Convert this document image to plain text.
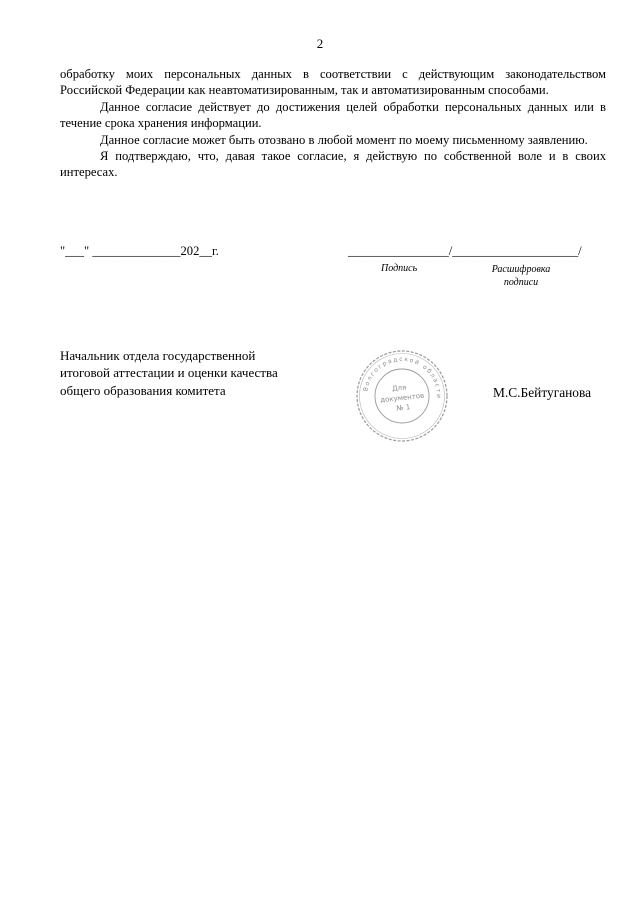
2

обработку моих персональных данных в соответствии с действующим законодательством Российской Федерации как неавтоматизированным, так и автоматизированным способами.

Данное согласие действует до достижения целей обработки персональных данных или в течение срока хранения информации.

Данное согласие может быть отозвано в любой момент по моему письменному заявлению.

Я подтверждаю, что, давая такое согласие, я действую по собственной воле и в своих интересах.

"___" ______________202__г.	________________/____________________/
Подпись	Расшифровка
подписи
Начальник отдела государственной
итоговой аттестации и оценки качества
общего образования комитета	М.С.Бейтуганова
Волгоградской области
Для
документов
№ 1
